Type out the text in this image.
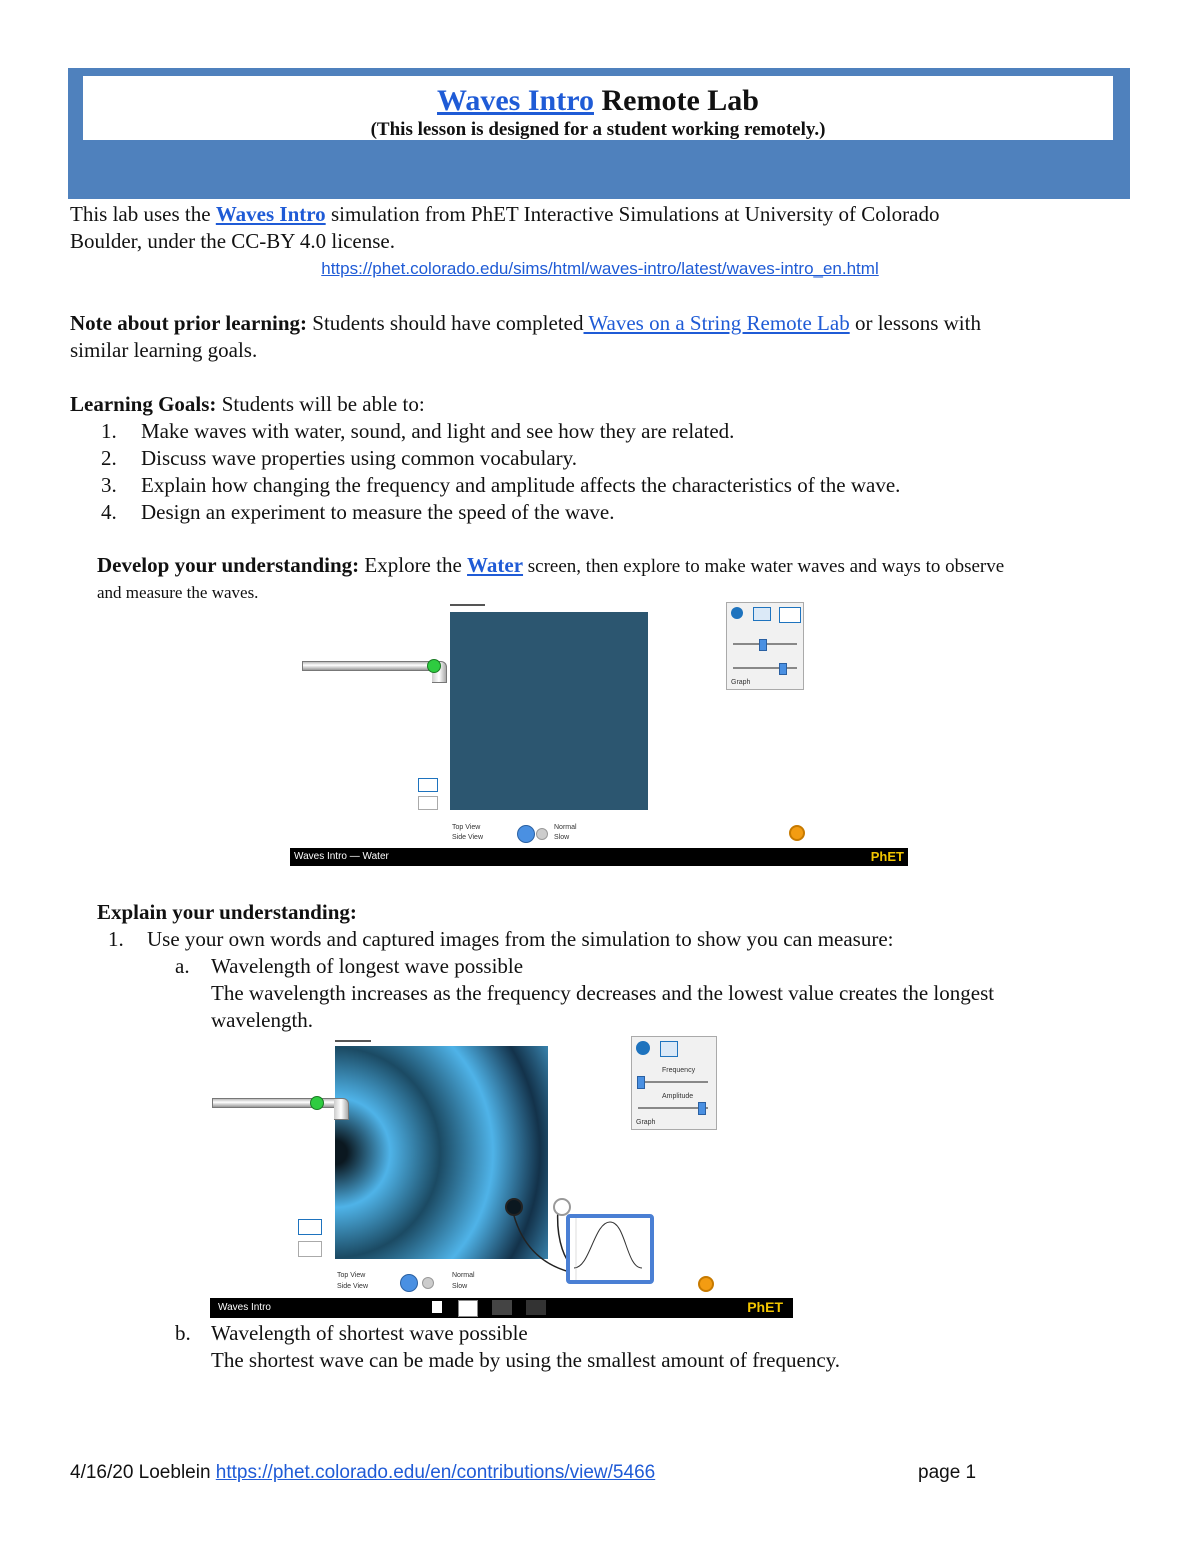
Waves Intro Remote Lab
(This lesson is designed for a student working remotely.)
This lab uses the Waves Intro simulation from PhET Interactive Simulations at University of Colorado
Boulder, under the CC-BY 4.0 license.
https://phet.colorado.edu/sims/html/waves-intro/latest/waves-intro_en.html
Note about prior learning: Students should have completed Waves on a String Remote Lab or lessons with
similar learning goals.
Learning Goals: Students will be able to:
1. Make waves with water, sound, and light and see how they are related.
2. Discuss wave properties using common vocabulary.
3. Explain how changing the frequency and amplitude affects the characteristics of the wave.
4. Design an experiment to measure the speed of the wave.
Develop your understanding: Explore the Water screen, then explore to make water waves and ways to observe
and measure the waves.
Graph
Top View
Side View
Normal
Slow
Waves Intro — Water	PhET
Explain your understanding:
1. Use your own words and captured images from the simulation to show you can measure:
a. Wavelength of longest wave possible
The wavelength increases as the frequency decreases and the lowest value creates the longest
wavelength.
Frequency
Amplitude
Graph
Top View
Side View
Normal
Slow
Waves Intro	PhET
b. Wavelength of shortest wave possible
The shortest wave can be made by using the smallest amount of frequency.
4/16/20 Loeblein https://phet.colorado.edu/en/contributions/view/5466	page 1
